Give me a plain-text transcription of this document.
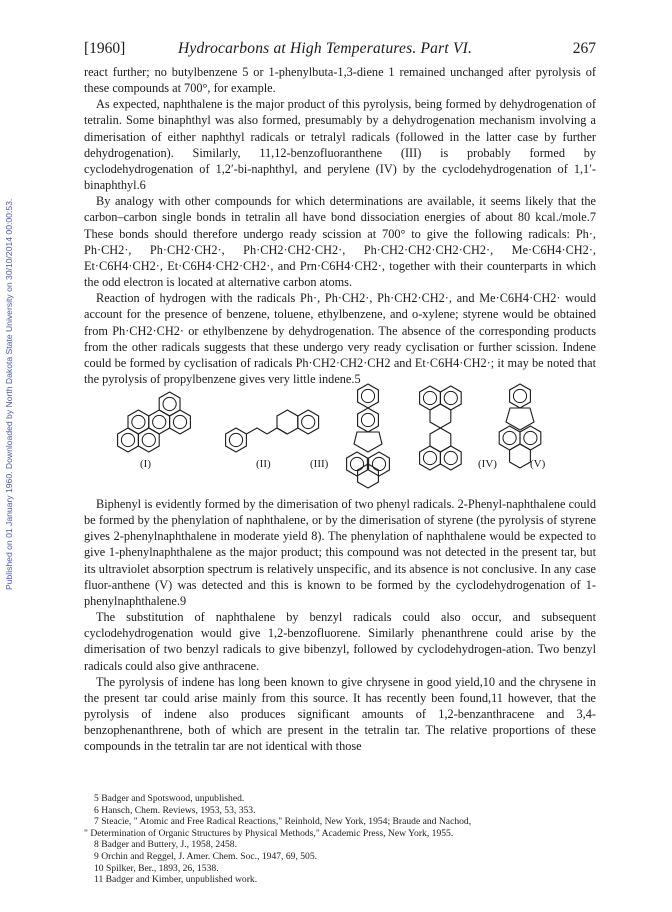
Published on 01 January 1960. Downloaded by North Dakota State University on 30/10/2014 00:00:53.
[1960]	Hydrocarbons at High Temperatures. Part VI.	267

react further; no butylbenzene 5 or 1-phenylbuta-1,3-diene 1 remained unchanged after pyrolysis of these compounds at 700°, for example.

As expected, naphthalene is the major product of this pyrolysis, being formed by dehydrogenation of tetralin. Some binaphthyl was also formed, presumably by a dehydrogenation mechanism involving a dimerisation of either naphthyl radicals or tetralyl radicals (followed in the latter case by further dehydrogenation). Similarly, 11,12-benzofluoranthene (III) is probably formed by cyclodehydrogenation of 1,2′-bi-naphthyl, and perylene (IV) by the cyclodehydrogenation of 1,1′-binaphthyl.6

By analogy with other compounds for which determinations are available, it seems likely that the carbon–carbon single bonds in tetralin all have bond dissociation energies of about 80 kcal./mole.7 These bonds should therefore undergo ready scission at 700° to give the following radicals: Ph·, Ph·CH2·, Ph·CH2·CH2·, Ph·CH2·CH2·CH2·, Ph·CH2·CH2·CH2·CH2·, Me·C6H4·CH2·, Et·C6H4·CH2·, Et·C6H4·CH2·CH2·, and Prn·C6H4·CH2·, together with their counterparts in which the odd electron is located at alternative carbon atoms.

Reaction of hydrogen with the radicals Ph·, Ph·CH2·, Ph·CH2·CH2·, and Me·C6H4·CH2· would account for the presence of benzene, toluene, ethylbenzene, and o-xylene; styrene would be obtained from Ph·CH2·CH2· or ethylbenzene by dehydrogenation. The absence of the corresponding products from the other radicals suggests that these undergo very ready cyclisation or further scission. Indene could be formed by cyclisation of radicals Ph·CH2·CH2·CH2 and Et·C6H4·CH2·; it may be noted that the pyrolysis of propylbenzene gives very little indene.5

(I)	(II)	(III)	(IV)	(V)

Biphenyl is evidently formed by the dimerisation of two phenyl radicals. 2-Phenyl-naphthalene could be formed by the phenylation of naphthalene, or by the dimerisation of styrene (the pyrolysis of styrene gives 2-phenylnaphthalene in moderate yield 8). The phenylation of naphthalene would be expected to give 1-phenylnaphthalene as the major product; this compound was not detected in the present tar, but its ultraviolet absorption spectrum is relatively unspecific, and its absence is not conclusive. In any case fluor-anthene (V) was detected and this is known to be formed by the cyclodehydrogenation of 1-phenylnaphthalene.9

The substitution of naphthalene by benzyl radicals could also occur, and subsequent cyclodehydrogenation would give 1,2-benzofluorene. Similarly phenanthrene could arise by the dimerisation of two benzyl radicals to give bibenzyl, followed by cyclodehydrogen-ation. Two benzyl radicals could also give anthracene.

The pyrolysis of indene has long been known to give chrysene in good yield,10 and the chrysene in the present tar could arise mainly from this source. It has recently been found,11 however, that the pyrolysis of indene also produces significant amounts of 1,2-benzanthracene and 3,4-benzophenanthrene, both of which are present in the tetralin tar. The relative proportions of these compounds in the tetralin tar are not identical with those

5 Badger and Spotswood, unpublished.
6 Hansch, Chem. Reviews, 1953, 53, 353.
7 Steacie, " Atomic and Free Radical Reactions," Reinhold, New York, 1954; Braude and Nachod,
" Determination of Organic Structures by Physical Methods," Academic Press, New York, 1955.
8 Badger and Buttery, J., 1958, 2458.
9 Orchin and Reggel, J. Amer. Chem. Soc., 1947, 69, 505.
10 Spilker, Ber., 1893, 26, 1538.
11 Badger and Kimber, unpublished work.
